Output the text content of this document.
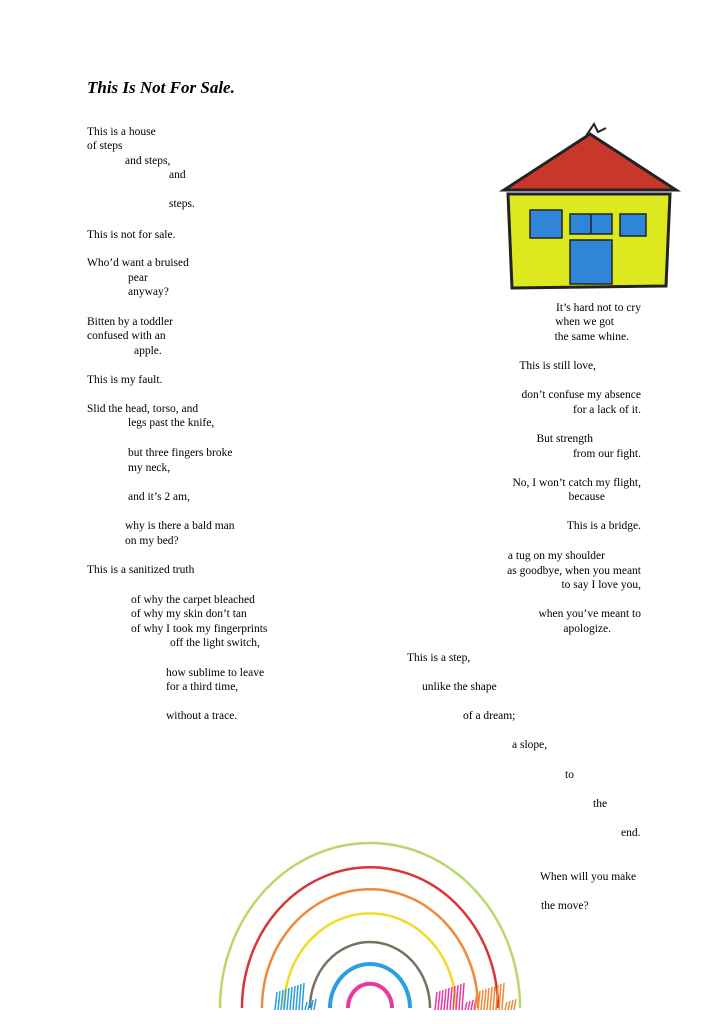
This Is Not For Sale.
This is a house
of steps
and steps,
and
steps.
This is not for sale.
Who’d want a bruised
pear
anyway?
Bitten by a toddler
confused with an
apple.
This is my fault.
Slid the head, torso, and
legs past the knife,
but three fingers broke
my neck,
and it’s 2 am,
why is there a bald man
on my bed?
This is a sanitized truth
of why the carpet bleached
of why my skin don’t tan
of why I took my fingerprints
off the light switch,
how sublime to leave
for a third time,
without a trace.
It’s hard not to cry
when we got
the same whine.
This is still love,
don’t confuse my absence
for a lack of it.
But strength
from our fight.
No, I won’t catch my flight,
because
This is a bridge.
a tug on my shoulder
as goodbye, when you meant
to say I love you,
when you’ve meant to
apologize.
This is a step,
unlike the shape
of a dream;
a slope,
to
the
end.
When will you make
the move?
